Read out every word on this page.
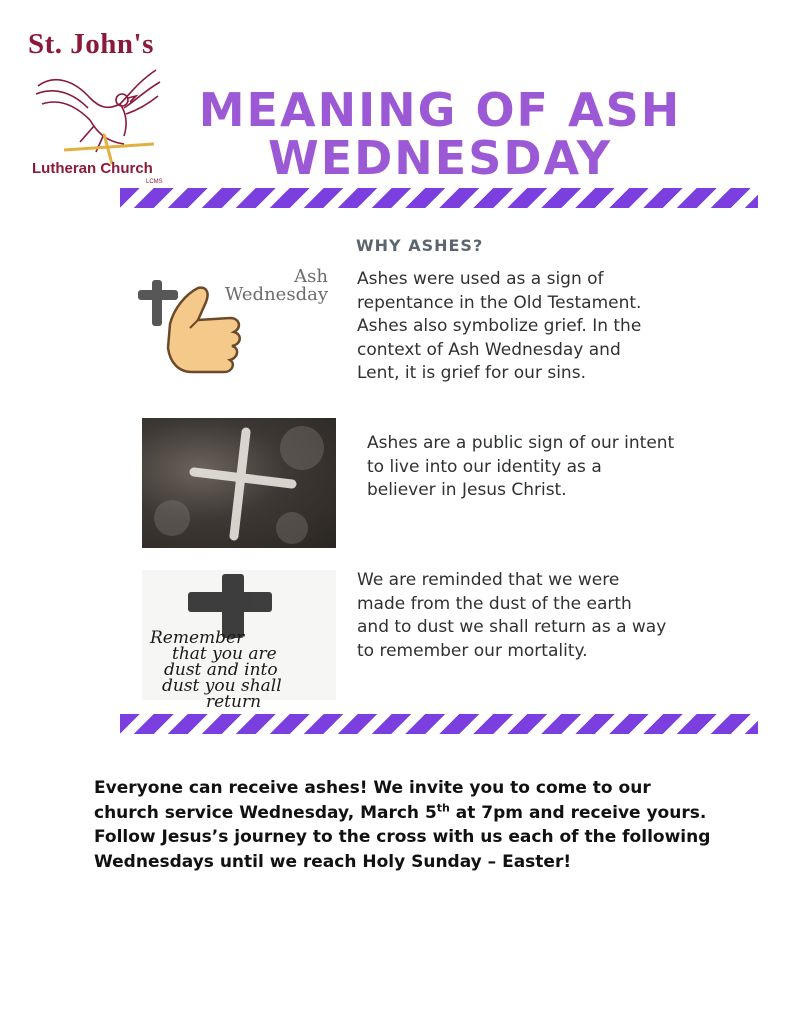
St. John's
Lutheran Church
LCMS
MEANING OF ASH
WEDNESDAY
WHY ASHES?
Ash
Wednesday

Ashes were used as a sign of
repentance in the Old Testament.
Ashes also symbolize grief. In the
context of Ash Wednesday and
Lent, it is grief for our sins.

Ashes are a public sign of our intent
to live into our identity as a
believer in Jesus Christ.

Remember
that you are
dust and into
dust you shall
return

We are reminded that we were
made from the dust of the earth
and to dust we shall return as a way
to remember our mortality.

Everyone can receive ashes! We invite you to come to our church service Wednesday, March 5th at 7pm and receive yours. Follow Jesus’s journey to the cross with us each of the following Wednesdays until we reach Holy Sunday – Easter!
